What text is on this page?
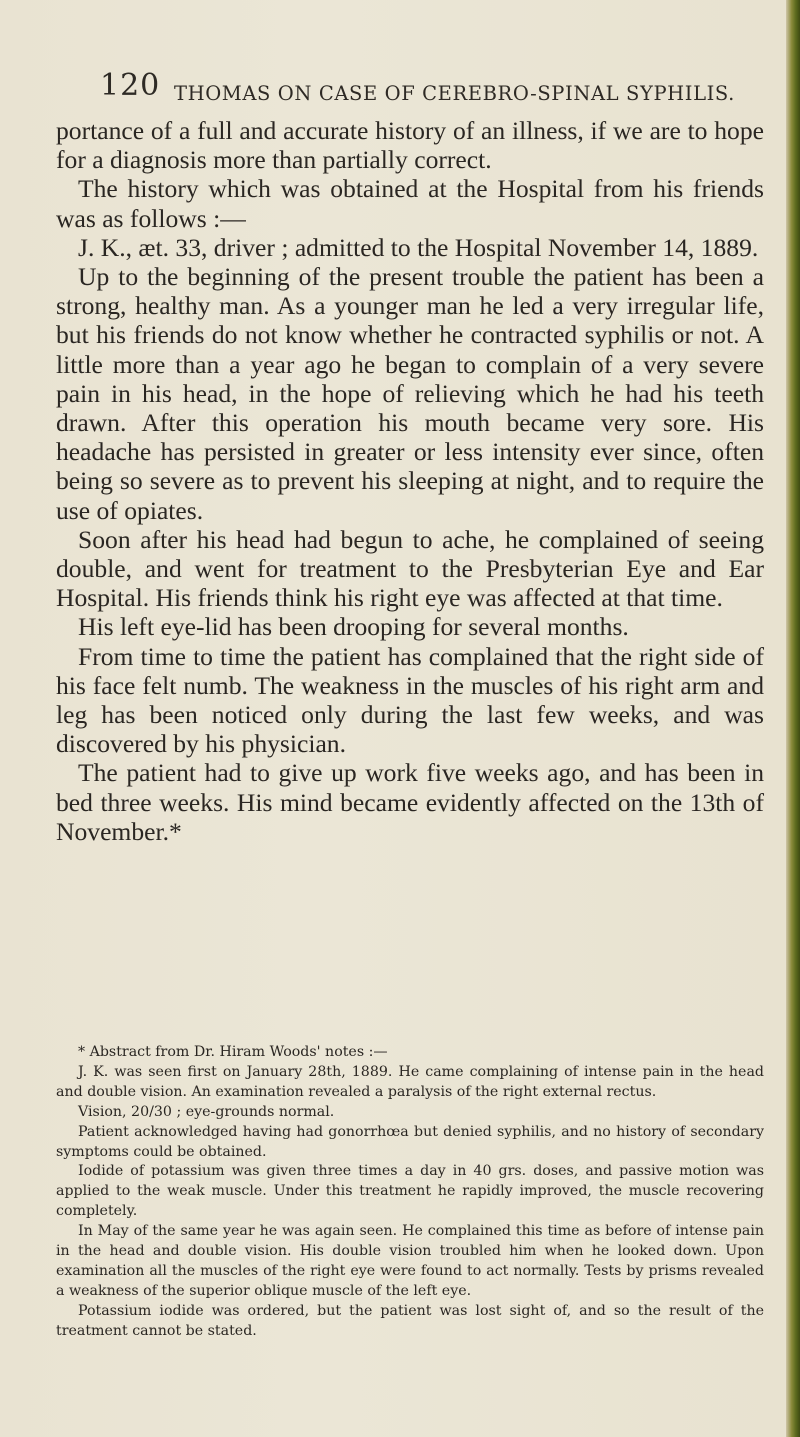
120 THOMAS ON CASE OF CEREBRO-SPINAL SYPHILIS.

portance of a full and accurate history of an illness, if we are to hope for a diagnosis more than partially correct.

The history which was obtained at the Hospital from his friends was as follows :—

J. K., æt. 33, driver ; admitted to the Hospital November 14, 1889.

Up to the beginning of the present trouble the patient has been a strong, healthy man. As a younger man he led a very irregular life, but his friends do not know whether he contracted syphilis or not. A little more than a year ago he began to complain of a very severe pain in his head, in the hope of relieving which he had his teeth drawn. After this operation his mouth became very sore. His headache has persisted in greater or less intensity ever since, often being so severe as to prevent his sleeping at night, and to require the use of opiates.

Soon after his head had begun to ache, he complained of seeing double, and went for treatment to the Presbyterian Eye and Ear Hospital. His friends think his right eye was affected at that time.

His left eye-lid has been drooping for several months.

From time to time the patient has complained that the right side of his face felt numb. The weakness in the muscles of his right arm and leg has been noticed only during the last few weeks, and was discovered by his physician.

The patient had to give up work five weeks ago, and has been in bed three weeks. His mind became evidently affected on the 13th of November.*

* Abstract from Dr. Hiram Woods' notes :—

J. K. was seen first on January 28th, 1889. He came complaining of intense pain in the head and double vision. An examination revealed a paralysis of the right external rectus.

Vision, 20/30 ; eye-grounds normal.

Patient acknowledged having had gonorrhœa but denied syphilis, and no history of secondary symptoms could be obtained.

Iodide of potassium was given three times a day in 40 grs. doses, and passive motion was applied to the weak muscle. Under this treatment he rapidly improved, the muscle recovering completely.

In May of the same year he was again seen. He complained this time as before of intense pain in the head and double vision. His double vision troubled him when he looked down. Upon examination all the muscles of the right eye were found to act normally. Tests by prisms revealed a weakness of the superior oblique muscle of the left eye.

Potassium iodide was ordered, but the patient was lost sight of, and so the result of the treatment cannot be stated.
